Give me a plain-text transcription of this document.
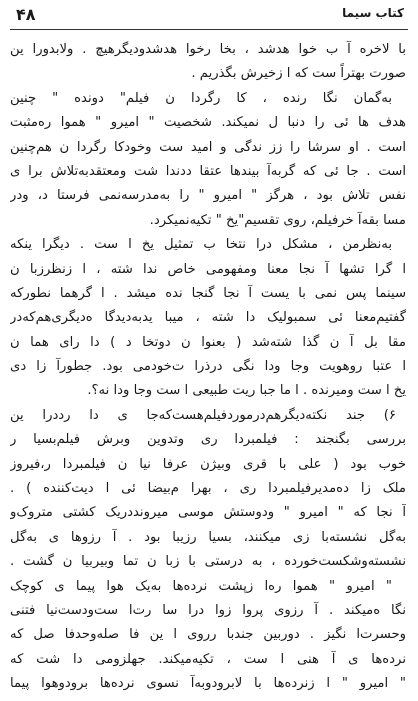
۴۸	کتاب سیما
با لاخره آ ب خوا هدشد ، بخا رخوا هدشدودیگرهیچ . ولابدورا ین
صورت بهتراً ست که ا زخیرش بگذریم .
به‌گمان نگا رنده ، کا رگردا ن فیلم" دونده " چنین
هدف ها ئی را دنبا ل نمیکند. شخصیت " امیرو " هموا ره‌مثبت
است . او سرشا را زز ندگی و امید ست وخودکا رگردا ن هم‌چنین
است . جا ئی که گربه‌آ بیندها عتقا ددندا شت ومعتقدبه‌تلاش برا ی
نفس تلاش بود ، هرگز " امیرو " را به‌مدرسه‌نمی فرستا د، ودر
مسا بقه‌آ خرفیلم، روی تقسیم"یخ " تکیه‌نمیکرد.
به‌نظرمن ، مشکل درا نتخا ب تمثیل یخ ا ست . دیگرا ینکه
ا گرا تشها آ نجا معنا ومفهومی خاص ندا شته ، ا زنظرزبا ن
سینما پس نمی با یست آ نجا گنجا نده میشد . ا گرهما نطورکه
گفتیم‌معنا ئی سمبولیک دا شته ، میبا یدبه‌دیدگا ه‌دیگری‌هم‌که‌در
مقا بل آ ن گذا شته‌شد ( بعنوا ن دوتخا د ) دا رای هما ن
ا عتبا روهویت وجا ودا نگی درذرا ت‌خودمی بود. جطورآ زا دی
یخ ا ست ومیرنده . ا ما جبا ریت طبیعی ا ست وجا ودا نه؟.
۶) جند نکته‌دیگرهم‌درمورد‌فیلم‌هست‌که‌جا ی دا رددرا ین
بررسی بگنجند : فیلمبردا ری وتدوین وبرش فیلم‌بسیا ر
خوب بود ( علی با قری وبیژن عرفا نیا ن فیلمبردا ر،فیروز
ملک زا ده‌مدیرفیلمبردا ری ، بهرا م‌بیضا ئی ا دیت‌کننده ) .
آ نجا که " امیرو " ودوستش موسی میروندد‌ریک کشتی متروک‌و
به‌گل نشسته‌با زی میکنند، بسیا رزیبا بود . آ رزوها ی به‌گل
نشسته‌وشکست‌خورده ، به درستی با زبا ن تما وبیربیا ن گشت .
" امیرو " هموا ره‌ا زپشت نرده‌ها به‌یک هوا پیما ی کوچک
نگا ه‌میکند . آ رزوی پروا زوا درا سا رت‌ا ست‌ودست‌نیا فتنی
وحسرت‌ا نگیز . دوربین جندبا رروی ا ین فا صله‌وحدفا صل که
نرده‌ها ی آ هنی ا ست ، تکیه‌میکند. جهلزومی دا شت که
" امیرو " ا زنرده‌ها با لابرودوبه‌آ نسوی نرده‌ها برودوهوا پیما
